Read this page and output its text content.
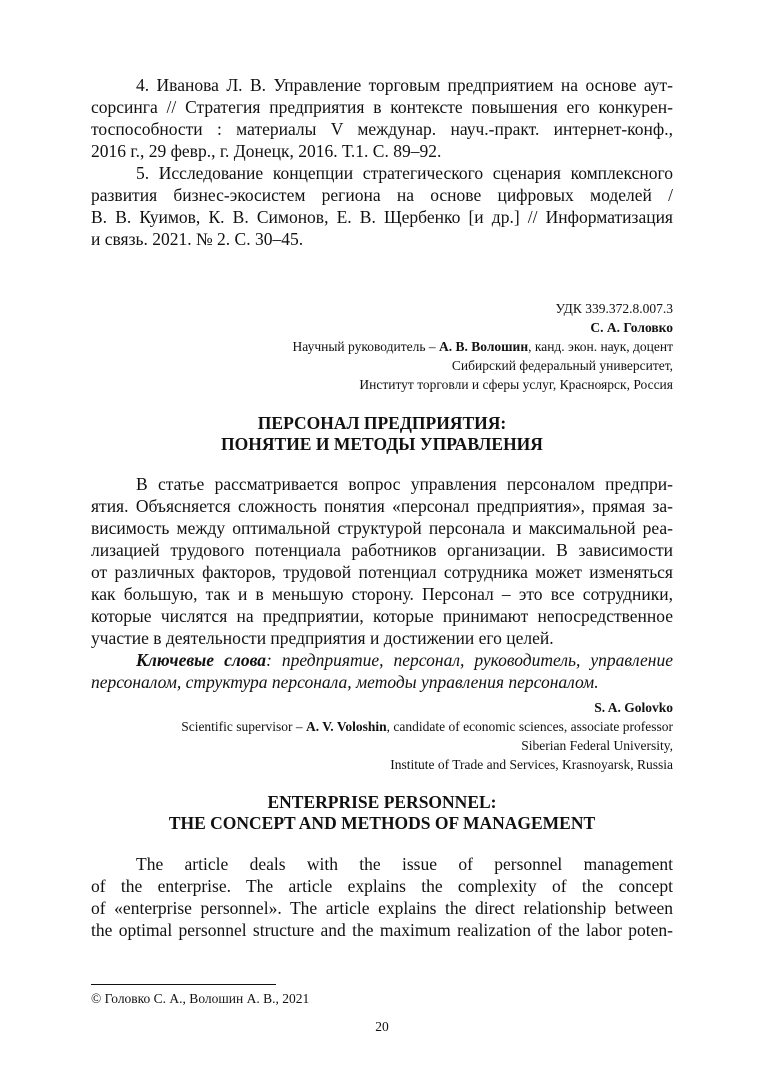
4. Иванова Л. В. Управление торговым предприятием на основе аут-
сорсинга // Стратегия предприятия в контексте повышения его конкурен-
тоспособности : материалы V междунар. науч.-практ. интернет-конф.,
2016 г., 29 февр., г. Донецк, 2016. Т.1. С. 89–92.
5. Исследование концепции стратегического сценария комплексного
развития бизнес-экосистем региона на основе цифровых моделей /
В. В. Куимов, К. В. Симонов, Е. В. Щербенко [и др.] // Информатизация
и связь. 2021. № 2. С. 30–45.
УДК 339.372.8.007.3
С. А. Головко
Научный руководитель – А. В. Волошин, канд. экон. наук, доцент
Сибирский федеральный университет,
Институт торговли и сферы услуг, Красноярск, Россия
ПЕРСОНАЛ ПРЕДПРИЯТИЯ:
ПОНЯТИЕ И МЕТОДЫ УПРАВЛЕНИЯ
В статье рассматривается вопрос управления персоналом предпри-
ятия. Объясняется сложность понятия «персонал предприятия», прямая за-
висимость между оптимальной структурой персонала и максимальной реа-
лизацией трудового потенциала работников организации. В зависимости
от различных факторов, трудовой потенциал сотрудника может изменяться
как большую, так и в меньшую сторону. Персонал – это все сотрудники,
которые числятся на предприятии, которые принимают непосредственное
участие в деятельности предприятия и достижении его целей.
Ключевые слова: предприятие, персонал, руководитель, управление
персоналом, структура персонала, методы управления персоналом.
S. A. Golovko
Scientific supervisor – A. V. Voloshin, candidate of economic sciences, associate professor
Siberian Federal University,
Institute of Trade and Services, Krasnoyarsk, Russia
ENTERPRISE PERSONNEL:
THE CONCEPT AND METHODS OF MANAGEMENT
The article deals with the issue of personnel management
of the enterprise. The article explains the complexity of the concept
of «enterprise personnel». The article explains the direct relationship between
the optimal personnel structure and the maximum realization of the labor poten-
© Головко С. А., Волошин А. В., 2021
20
